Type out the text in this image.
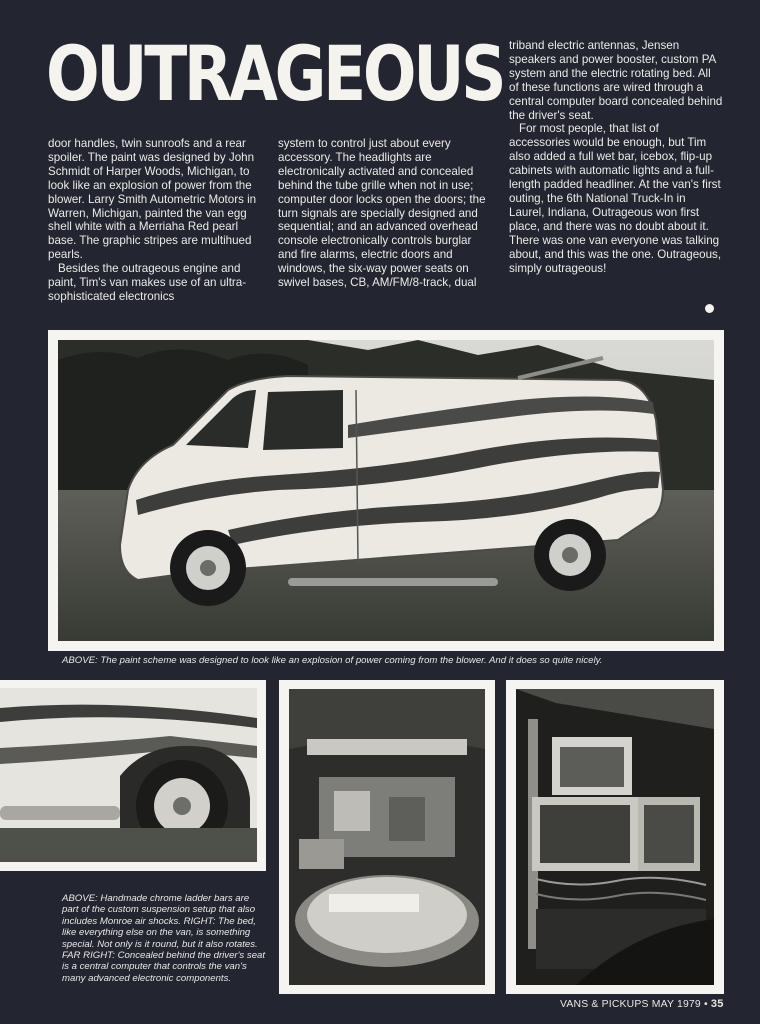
OUTRAGEOUS

door handles, twin sunroofs and a rear spoiler. The paint was designed by John Schmidt of Harper Woods, Michigan, to look like an explosion of power from the blower. Larry Smith Autometric Motors in Warren, Michigan, painted the van egg shell white with a Merriaha Red pearl base. The graphic stripes are multihued pearls.

Besides the outrageous engine and paint, Tim's van makes use of an ultra-sophisticated electronics

system to control just about every accessory. The headlights are electronically activated and concealed behind the tube grille when not in use; computer door locks open the doors; the turn signals are specially designed and sequential; and an advanced overhead console electronically controls burglar and fire alarms, electric doors and windows, the six-way power seats on swivel bases, CB, AM/FM/8-track, dual

triband electric antennas, Jensen speakers and power booster, custom PA system and the electric rotating bed. All of these functions are wired through a central computer board concealed behind the driver's seat.

For most people, that list of accessories would be enough, but Tim also added a full wet bar, icebox, flip-up cabinets with automatic lights and a full-length padded headliner. At the van's first outing, the 6th National Truck-In in Laurel, Indiana, Outrageous won first place, and there was no doubt about it. There was one van everyone was talking about, and this was the one. Outrageous, simply outrageous!

ABOVE: The paint scheme was designed to look like an explosion of power coming from the blower. And it does so quite nicely.
ABOVE: Handmade chrome ladder bars are part of the custom suspension setup that also includes Monroe air shocks. RIGHT: The bed, like everything else on the van, is something special. Not only is it round, but it also rotates. FAR RIGHT: Concealed behind the driver's seat is a central computer that controls the van's many advanced electronic components.
VANS & PICKUPS MAY 1979 • 35
